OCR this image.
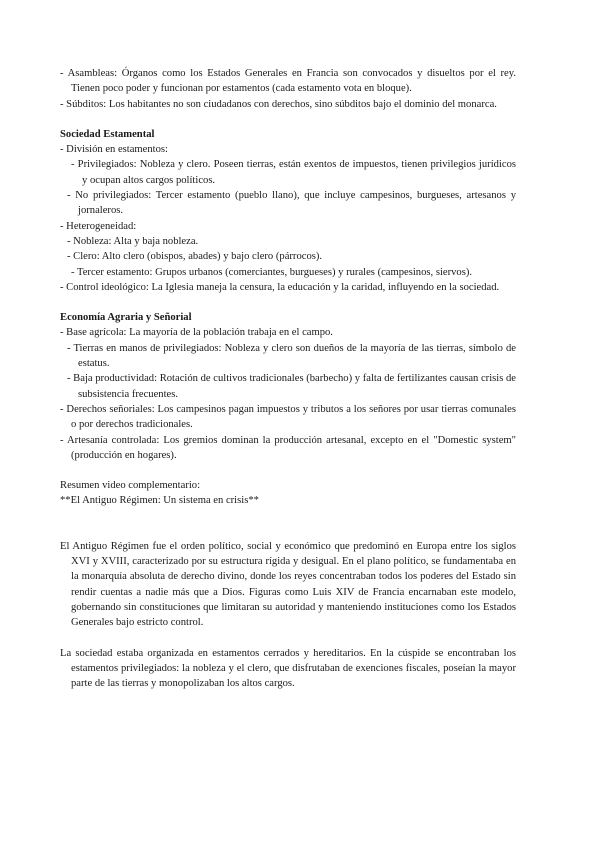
- Asambleas: Órganos como los Estados Generales en Francia son convocados y disueltos por el rey. Tienen poco poder y funcionan por estamentos (cada estamento vota en bloque).

- Súbditos: Los habitantes no son ciudadanos con derechos, sino súbditos bajo el dominio del monarca.

Sociedad Estamental

- División en estamentos:

- Privilegiados: Nobleza y clero. Poseen tierras, están exentos de impuestos, tienen privilegios jurídicos y ocupan altos cargos políticos.

- No privilegiados: Tercer estamento (pueblo llano), que incluye campesinos, burgueses, artesanos y jornaleros.

- Heterogeneidad:

- Nobleza: Alta y baja nobleza.

- Clero: Alto clero (obispos, abades) y bajo clero (párrocos).

- Tercer estamento: Grupos urbanos (comerciantes, burgueses) y rurales (campesinos, siervos).

- Control ideológico: La Iglesia maneja la censura, la educación y la caridad, influyendo en la sociedad.

Economía Agraria y Señorial

- Base agrícola: La mayoría de la población trabaja en el campo.

- Tierras en manos de privilegiados: Nobleza y clero son dueños de la mayoría de las tierras, símbolo de estatus.

- Baja productividad: Rotación de cultivos tradicionales (barbecho) y falta de fertilizantes causan crisis de subsistencia frecuentes.

- Derechos señoriales: Los campesinos pagan impuestos y tributos a los señores por usar tierras comunales o por derechos tradicionales.

- Artesanía controlada: Los gremios dominan la producción artesanal, excepto en el "Domestic system" (producción en hogares).

Resumen video complementario:

**El Antiguo Régimen: Un sistema en crisis**

El Antiguo Régimen fue el orden político, social y económico que predominó en Europa entre los siglos XVI y XVIII, caracterizado por su estructura rígida y desigual. En el plano político, se fundamentaba en la monarquía absoluta de derecho divino, donde los reyes concentraban todos los poderes del Estado sin rendir cuentas a nadie más que a Dios. Figuras como Luis XIV de Francia encarnaban este modelo, gobernando sin constituciones que limitaran su autoridad y manteniendo instituciones como los Estados Generales bajo estricto control.

La sociedad estaba organizada en estamentos cerrados y hereditarios. En la cúspide se encontraban los estamentos privilegiados: la nobleza y el clero, que disfrutaban de exenciones fiscales, poseían la mayor parte de las tierras y monopolizaban los altos cargos.
